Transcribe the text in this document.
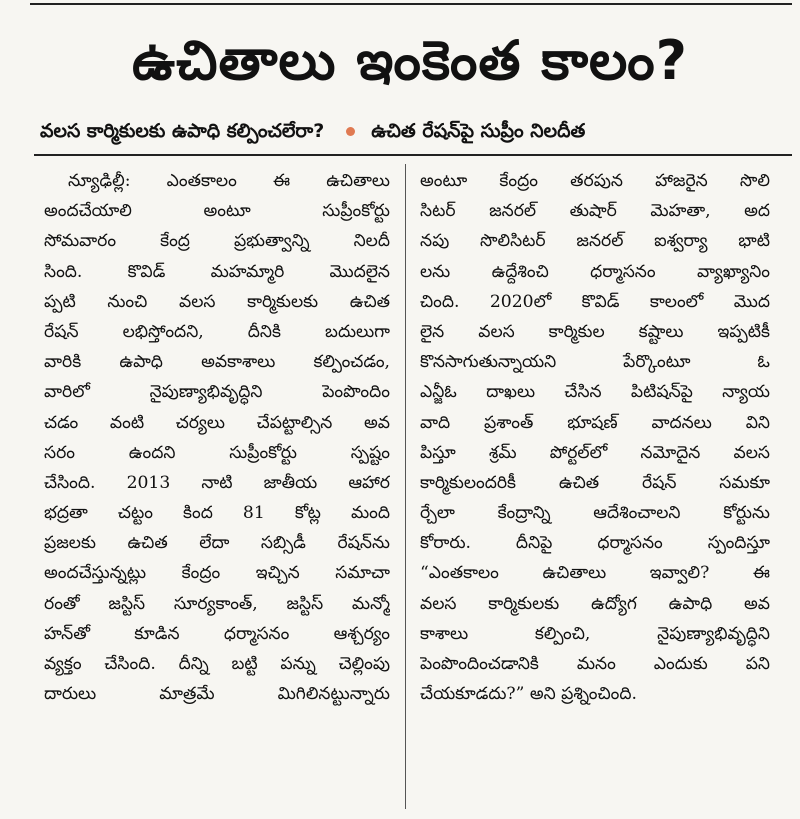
ఉచితాలు ఇంకెంత కాలం?
వలస కార్మికులకు ఉపాధి కల్పించలేరా? ఉచిత రేషన్‌పై సుప్రీం నిలదీత
న్యూఢిల్లీ: ఎంతకాలం ఈ ఉచితాలు
అందచేయాలి అంటూ సుప్రీంకోర్టు
సోమవారం కేంద్ర ప్రభుత్వాన్ని నిలదీ
సింది. కొవిడ్ మహమ్మారి మొదలైన
ప్పటి నుంచి వలస కార్మికులకు ఉచిత
రేషన్ లభిస్తోందని, దీనికి బదులుగా
వారికి ఉపాధి అవకాశాలు కల్పించడం,
వారిలో నైపుణ్యాభివృద్ధిని పెంపొందిం
చడం వంటి చర్యలు చేపట్టాల్సిన అవ
సరం ఉందని సుప్రీంకోర్టు స్పష్టం
చేసింది. 2013 నాటి జాతీయ ఆహార
భద్రతా చట్టం కింద 81 కోట్ల మంది
ప్రజలకు ఉచిత లేదా సబ్సిడీ రేషన్‌ను
అందచేస్తున్నట్లు కేంద్రం ఇచ్చిన సమాచా
రంతో జస్టిస్ సూర్యకాంత్, జస్టిస్ మన్మో
హన్‌తో కూడిన ధర్మాసనం ఆశ్చర్యం
వ్యక్తం చేసింది. దీన్ని బట్టి పన్ను చెల్లింపు
దారులు మాత్రమే మిగిలినట్టున్నారు
అంటూ కేంద్రం తరపున హాజరైన సొలి
సిటర్ జనరల్ తుషార్ మెహతా, అద
నపు సొలిసిటర్ జనరల్ ఐశ్వర్యా భాటి
లను ఉద్దేశించి ధర్మాసనం వ్యాఖ్యానిం
చింది. 2020లో కొవిడ్ కాలంలో మొద
లైన వలస కార్మికుల కష్టాలు ఇప్పటికీ
కొనసాగుతున్నాయని పేర్కొంటూ ఓ
ఎన్జీఓ దాఖలు చేసిన పిటిషన్‌పై న్యాయ
వాది ప్రశాంత్ భూషణ్ వాదనలు విని
పిస్తూ శ్రమ్ పోర్టల్‌లో నమోదైన వలస
కార్మికులందరికీ ఉచిత రేషన్ సమకూ
ర్చేలా కేంద్రాన్ని ఆదేశించాలని కోర్టును
కోరారు. దీనిపై ధర్మాసనం స్పందిస్తూ
“ఎంతకాలం ఉచితాలు ఇవ్వాలి? ఈ
వలస కార్మికులకు ఉద్యోగ ఉపాధి అవ
కాశాలు కల్పించి, నైపుణ్యాభివృద్ధిని
పెంపొందించడానికి మనం ఎందుకు పని
చేయకూడదు?” అని ప్రశ్నించింది.
